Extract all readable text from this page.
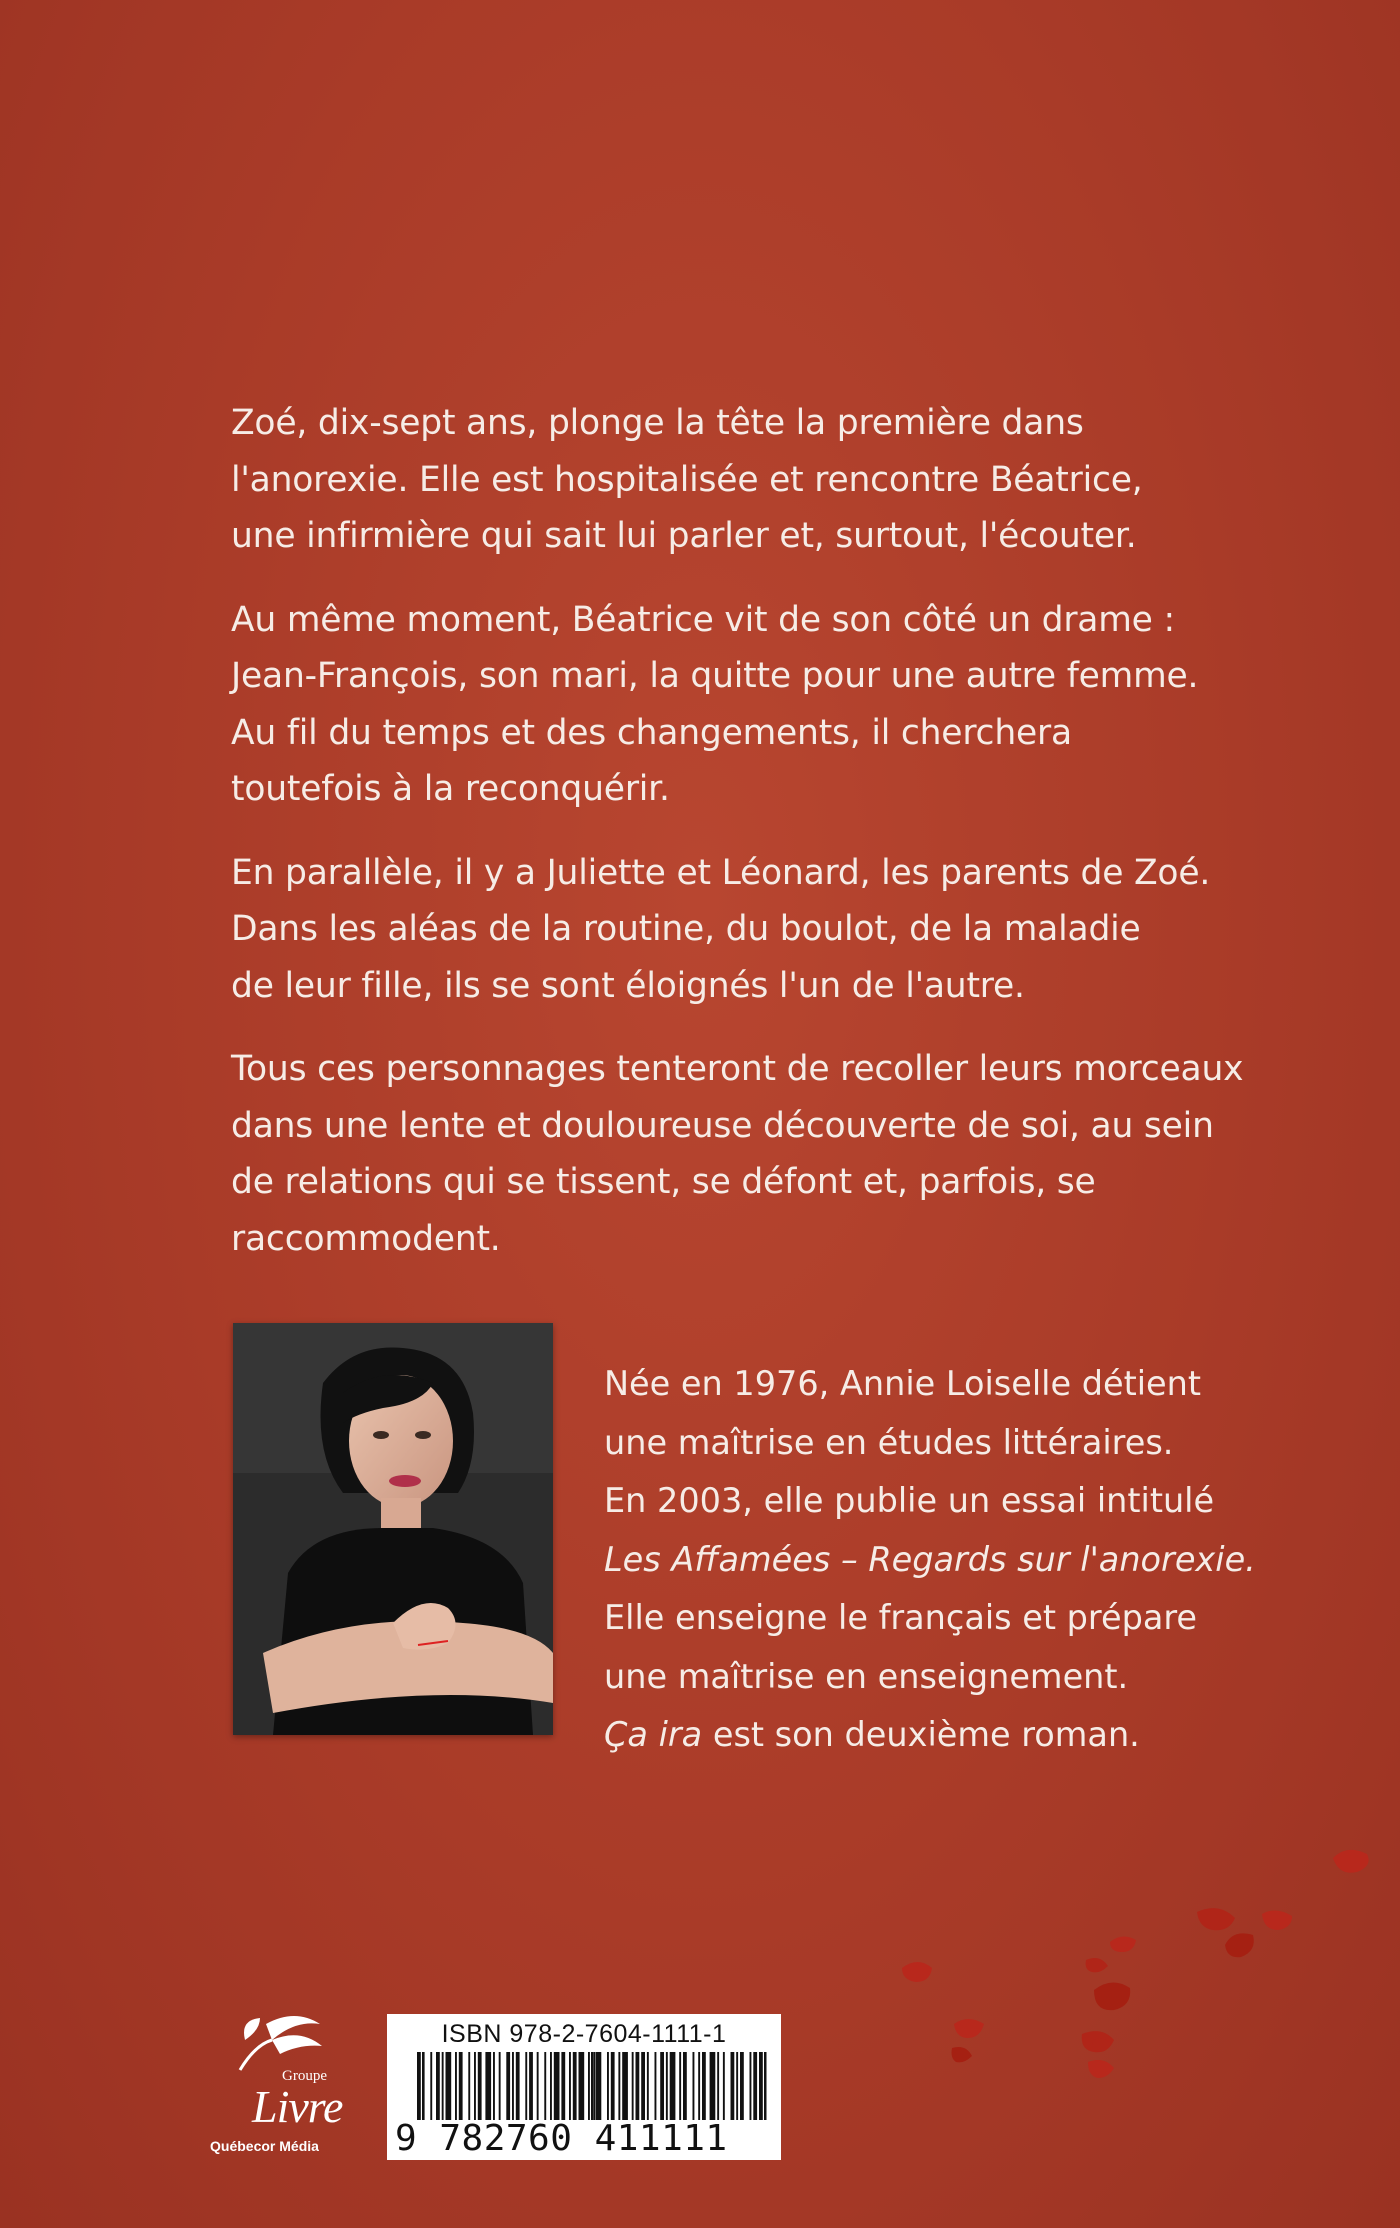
Zoé, dix-sept ans, plonge la tête la première dans
l'anorexie. Elle est hospitalisée et rencontre Béatrice,
une infirmière qui sait lui parler et, surtout, l'écouter.

Au même moment, Béatrice vit de son côté un drame :
Jean-François, son mari, la quitte pour une autre femme.
Au fil du temps et des changements, il cherchera
toutefois à la reconquérir.

En parallèle, il y a Juliette et Léonard, les parents de Zoé.
Dans les aléas de la routine, du boulot, de la maladie
de leur fille, ils se sont éloignés l'un de l'autre.

Tous ces personnages tenteront de recoller leurs morceaux
dans une lente et douloureuse découverte de soi, au sein
de relations qui se tissent, se défont et, parfois, se
raccommodent.

Née en 1976, Annie Loiselle détient
une maîtrise en études littéraires.
En 2003, elle publie un essai intitulé
Les Affamées – Regards sur l'anorexie.
Elle enseigne le français et prépare
une maîtrise en enseignement.
Ça ira est son deuxième roman.
Groupe
Livre
Québecor Média
ISBN 978-2-7604-1111-1
9 782760 411111
